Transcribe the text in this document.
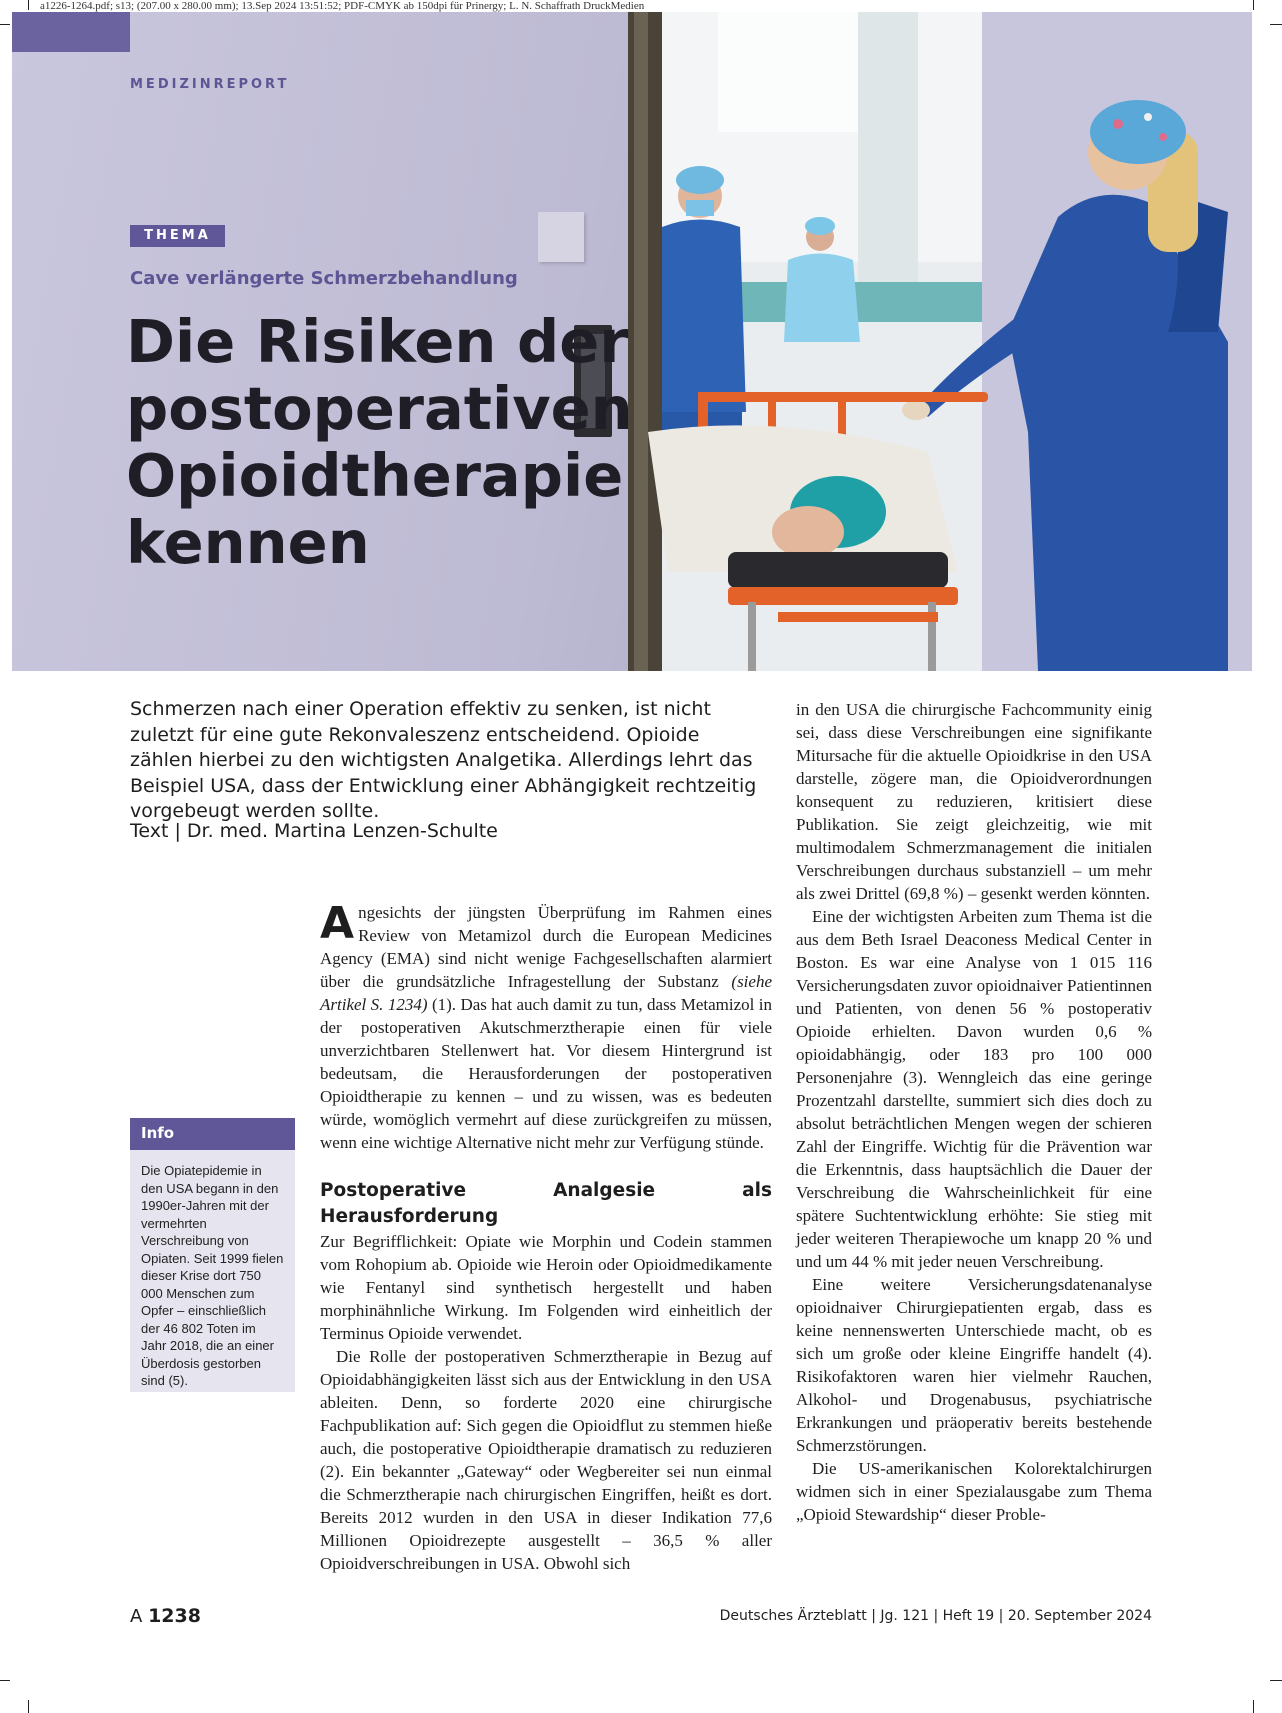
a1226-1264.pdf; s13; (207.00 x 280.00 mm); 13.Sep 2024 13:51:52; PDF-CMYK ab 150dpi für Prinergy; L. N. Schaffrath DruckMedien
MEDIZINREPORT
THEMA
Cave verlängerte Schmerzbehandlung
Die Risiken der
postoperativen
Opioidtherapie
kennen

Schmerzen nach einer Operation effektiv zu senken, ist nicht zuletzt für eine gute Rekonvaleszenz entscheidend. Opioide zählen hierbei zu den wichtigsten Analgetika. Allerdings lehrt das Beispiel USA, dass der Entwicklung einer Abhängigkeit rechtzeitig vorgebeugt werden sollte.

Text | Dr. med. Martina Lenzen-Schulte
Info
Die Opiatepidemie in den USA begann in den 1990er-Jahren mit der vermehrten Verschreibung von Opiaten. Seit 1999 fielen dieser Krise dort 750 000 Menschen zum Opfer – einschließlich der 46 802 Toten im Jahr 2018, die an einer Überdosis gestorben sind (5).

Angesichts der jüngsten Überprüfung im Rahmen eines Review von Metamizol durch die European Medicines Agency (EMA) sind nicht wenige Fachgesellschaften alarmiert über die grundsätzliche Infragestellung der Substanz (siehe Artikel S. 1234) (1). Das hat auch damit zu tun, dass Metamizol in der postoperativen Akutschmerztherapie einen für viele unverzichtbaren Stellenwert hat. Vor diesem Hintergrund ist bedeutsam, die Herausforderungen der postoperativen Opioidtherapie zu kennen – und zu wissen, was es bedeuten würde, womöglich vermehrt auf diese zurückgreifen zu müssen, wenn eine wichtige Alternative nicht mehr zur Verfügung stünde.

Postoperative Analgesie als Herausforderung

Zur Begrifflichkeit: Opiate wie Morphin und Codein stammen vom Rohopium ab. Opioide wie Heroin oder Opioidmedikamente wie Fentanyl sind synthetisch hergestellt und haben morphinähnliche Wirkung. Im Folgenden wird einheitlich der Terminus Opioide verwendet.

Die Rolle der postoperativen Schmerztherapie in Bezug auf Opioidabhängigkeiten lässt sich aus der Entwicklung in den USA ableiten. Denn, so forderte 2020 eine chirurgische Fachpublikation auf: Sich gegen die Opioidflut zu stemmen hieße auch, die postoperative Opioidtherapie dramatisch zu reduzieren (2). Ein bekannter „Gateway“ oder Wegbereiter sei nun einmal die Schmerztherapie nach chirurgischen Eingriffen, heißt es dort. Bereits 2012 wurden in den USA in dieser Indikation 77,6 Millionen Opioidrezepte ausgestellt – 36,5 % aller Opioidverschreibungen in USA. Obwohl sich

in den USA die chirurgische Fachcommunity einig sei, dass diese Verschreibungen eine signifikante Mitursache für die aktuelle Opioidkrise in den USA darstelle, zögere man, die Opioidverordnungen konsequent zu reduzieren, kritisiert diese Publikation. Sie zeigt gleichzeitig, wie mit multimodalem Schmerzmanagement die initialen Verschreibungen durchaus substanziell – um mehr als zwei Drittel (69,8 %) – gesenkt werden könnten.

Eine der wichtigsten Arbeiten zum Thema ist die aus dem Beth Israel Deaconess Medical Center in Boston. Es war eine Analyse von 1 015 116 Versicherungsdaten zuvor opioidnaiver Patientinnen und Patienten, von denen 56 % postoperativ Opioide erhielten. Davon wurden 0,6 % opioidabhängig, oder 183 pro 100 000 Personenjahre (3). Wenngleich das eine geringe Prozentzahl darstellte, summiert sich dies doch zu absolut beträchtlichen Mengen wegen der schieren Zahl der Eingriffe. Wichtig für die Prävention war die Erkenntnis, dass hauptsächlich die Dauer der Verschreibung die Wahrscheinlichkeit für eine spätere Suchtentwicklung erhöhte: Sie stieg mit jeder weiteren Therapiewoche um knapp 20 % und und um 44 % mit jeder neuen Verschreibung.

Eine weitere Versicherungsdatenanalyse opioidnaiver Chirurgiepatienten ergab, dass es keine nennenswerten Unterschiede macht, ob es sich um große oder kleine Eingriffe handelt (4). Risikofaktoren waren hier vielmehr Rauchen, Alkohol- und Drogenabusus, psychiatrische Erkrankungen und präoperativ bereits bestehende Schmerzstörungen.

Die US-amerikanischen Kolorektalchirurgen widmen sich in einer Spezialausgabe zum Thema „Opioid Stewardship“ dieser Proble-

A 1238	Deutsches Ärzteblatt | Jg. 121 | Heft 19 | 20. September 2024
